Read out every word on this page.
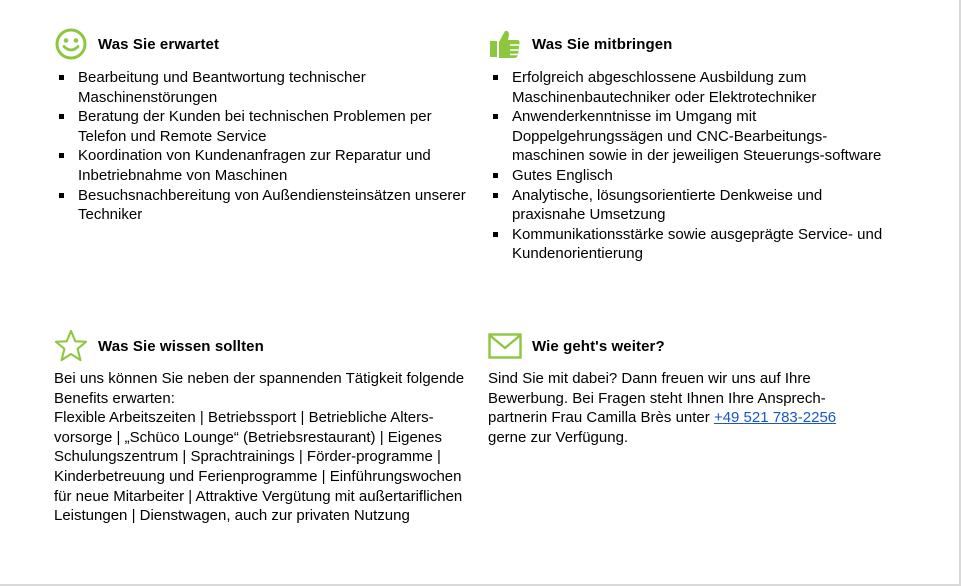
Was Sie erwartet
Bearbeitung und Beantwortung technischer Maschinenstörungen
Beratung der Kunden bei technischen Problemen per Telefon und Remote Service
Koordination von Kundenanfragen zur Reparatur und Inbetriebnahme von Maschinen
Besuchsnachbereitung von Außendiensteinsätzen unserer Techniker
Was Sie mitbringen
Erfolgreich abgeschlossene Ausbildung zum Maschinenbautechniker oder Elektrotechniker
Anwenderkenntnisse im Umgang mit Doppelgehrungssägen und CNC-Bearbeitungs-maschinen sowie in der jeweiligen Steuerungs-software
Gutes Englisch
Analytische, lösungsorientierte Denkweise und praxisnahe Umsetzung
Kommunikationsstärke sowie ausgeprägte Service- und Kundenorientierung
Was Sie wissen sollten

Bei uns können Sie neben der spannenden Tätigkeit folgende Benefits erwarten:

Flexible Arbeitszeiten | Betriebssport | Betriebliche Alters-vorsorge | „Schüco Lounge“ (Betriebsrestaurant) | Eigenes Schulungszentrum | Sprachtrainings | Förder-programme | Kinderbetreuung und Ferienprogramme | Einführungswochen für neue Mitarbeiter | Attraktive Vergütung mit außertariflichen Leistungen | Dienstwagen, auch zur privaten Nutzung

Wie geht's weiter?

Sind Sie mit dabei? Dann freuen wir uns auf Ihre Bewerbung. Bei Fragen steht Ihnen Ihre Ansprech-partnerin Frau Camilla Brès unter +49 521 783-2256 gerne zur Verfügung.
